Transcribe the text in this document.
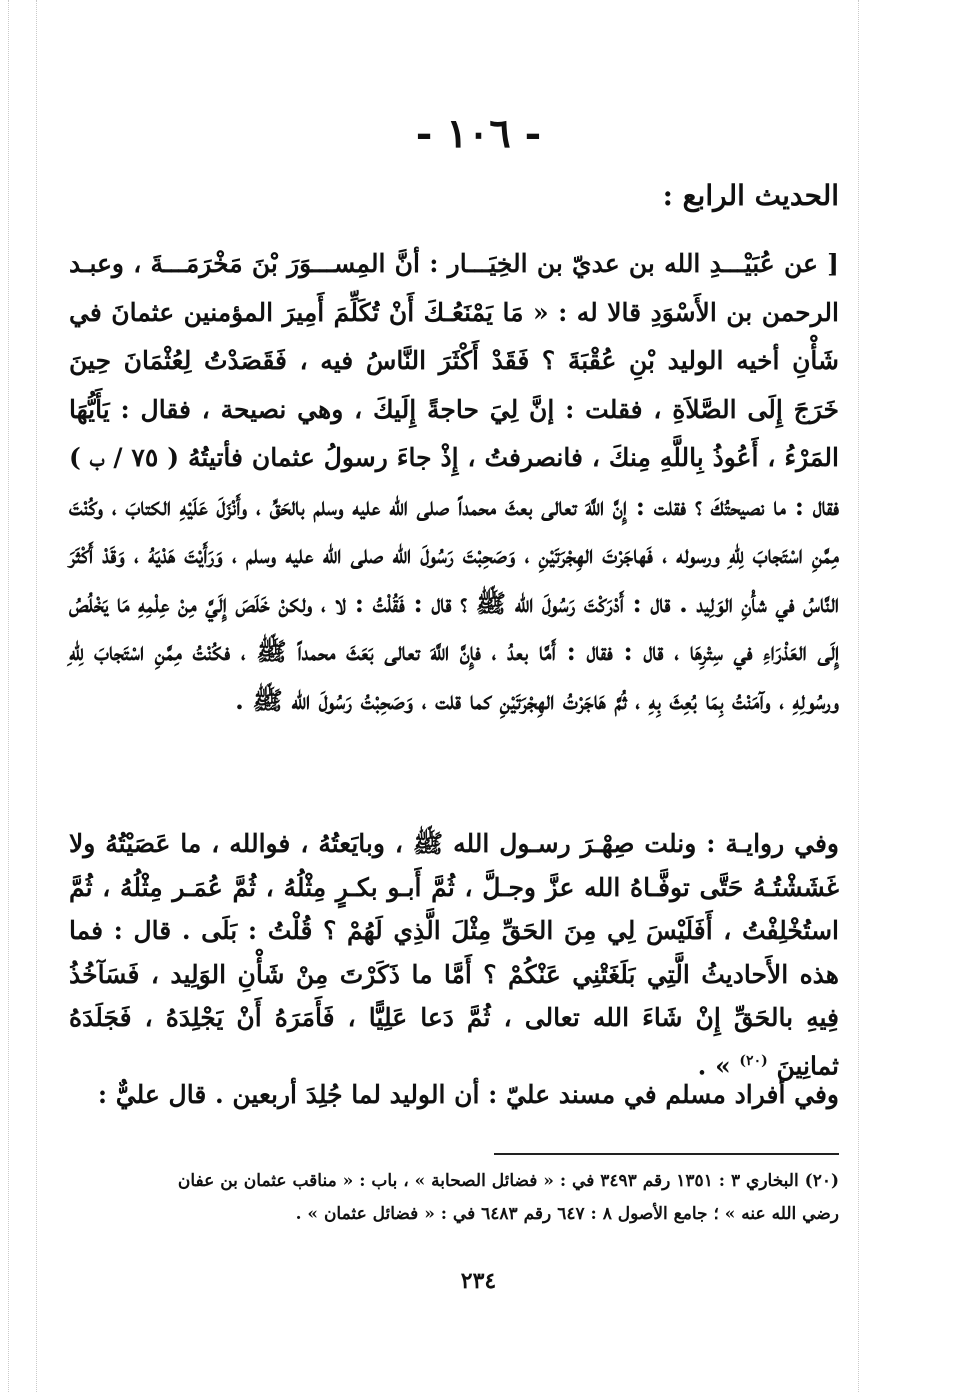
- ١٠٦ -
الحديث الرابع :
[ عن عُبَيْـــدِ الله بن عديّ بن الخِيَـــار : أنَّ المِســـوَرَ بْنَ مَخْرَمَـــةَ ، وعبـد الرحمن بن الأَسْوَدِ قالا له : « مَا يَمْنَعُـكَ أَنْ تُكَلِّمَ أَمِيرَ المؤمنين عثمانَ في شَأْنِ أخيه الوليد بْنِ عُقْبَةَ ؟ فَقَدْ أَكْثَرَ النَّاسُ فيه ، فَقَصَدْتُ لِعُثْمَانَ حِينَ خَرَجَ إِلَى الصَّلاَةِ ، فقلت : إنَّ لِيَ حاجةً إِلَيكَ ، وهي نصيحة ، فقال : يَأَيُّهَا المَرْءُ ، أَعُوذُ بِاللَّهِ مِنكَ ، فانصرفتُ ، إِذْ جاءَ رسولُ عثمان فأتيتُهُ ( ٧٥ / ب ) فقال : ما نصيحتُكَ ؟ فقلت : إِنَّ اللَّهَ تعالى بعثَ محمداً صلى الله عليه وسلم بالحَقِّ ، وأَنْزَلَ عَلَيْهِ الكتابَ ، وكُنْتَ مِمَّنِ اسْتَجابَ لِلّهِ ورسوله ، فَهاجَرْتَ الهِجْرَتَيْنِ ، وَصَحِبْتَ رَسُولَ الله صلى الله عليه وسلم ، وَرَأَيْتَ هَدْيَهُ ، وَقَدْ أَكْثَرَ النَّاسُ في شأْنِ الوَلِيد . قال : أَدْرَكْتَ رَسُولَ الله ﷺ ؟ قال : فَقُلْتُ : لا ، ولكنْ خَلَصَ إِلَيَّ مِنْ عِلْمِهِ مَا يَخْلُصُ إِلَى العَذْرَاءِ في سِتْرِهَا ، قال : فقال : أَمَّا بعدُ ، فإِنَّ اللَّهَ تعالى بَعَثَ محمداً ﷺ ، فكُنْتُ مِمَّنِ اسْتَجابَ لِلّهِ ورسُولِهِ ، وآمَنْتُ بِمَا بُعِثَ بِهِ ، ثُمَّ هَاجَرْتُ الهِجْرَتَيْنِ كما قلت ، وَصَحِبْتُ رَسُولَ الله ﷺ .
وفي روايـة : ونلت صِهْـرَ رسـول الله ﷺ ، وبايَعتُهُ ، فوالله ، ما عَصَيْتُهُ ولا غَشَشْتُـهُ حَتَّى توفَّـاهُ الله عزَّ وجـلَّ ، ثُمَّ أَبـو بكـرٍ مِثْلُهُ ، ثُمَّ عُمَـر مِثْلُهُ ، ثُمَّ استُخْلِفْتُ ، أَفَلَيْسَ لِي مِنَ الحَقِّ مِثْلَ الَّذِي لَهُمْ ؟ قُلْتُ : بَلَى . قال : فما هذه الأَحاديثُ الَّتِي بَلَغَتْنِي عَنْكُمْ ؟ أَمَّا ما ذَكَرْتَ مِنْ شَأْنِ الوَلِيد ، فَسَآخُذُ فِيهِ بالحَقِّ إِنْ شَاءَ الله تعالى ، ثُمَّ دَعا عَلِيًّا ، فَأَمَرَهُ أَنْ يَجْلِدَهُ ، فَجَلَدَهُ ثمانِينَ $^{(٢٠)}$ » .
وفي أفراد مسلم في مسند عليّ : أن الوليد لما جُلِدَ أربعين . قال عليٌّ :
(٢٠) البخاري ٣ : ١٣٥١ رقم ٣٤٩٣ في : « فضائل الصحابة » ، باب : « مناقب عثمان بن عفان
رضي الله عنه » ؛ جامع الأصول ٨ : ٦٤٧ رقم ٦٤٨٣ في : « فضائل عثمان » .
٢٣٤
